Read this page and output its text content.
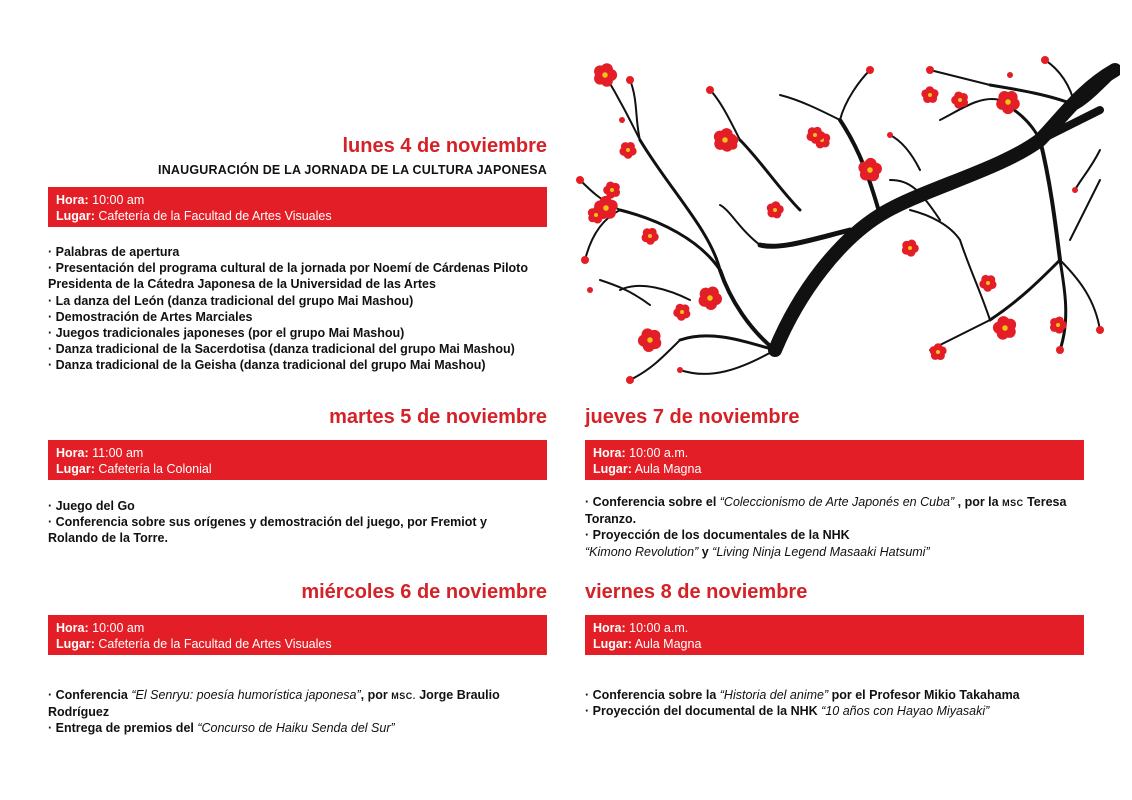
lunes 4 de noviembre
INAUGURACIÓN DE LA JORNADA DE LA CULTURA JAPONESA
Hora: 10:00 am
Lugar: Cafetería de la Facultad de Artes Visuales
· Palabras de apertura
· Presentación del programa cultural de la jornada por Noemí de Cárdenas Piloto
Presidenta de la Cátedra Japonesa de la Universidad de las Artes
· La danza del León (danza tradicional del grupo Mai Mashou)
· Demostración de Artes Marciales
· Juegos tradicionales japoneses (por el grupo Mai Mashou)
· Danza tradicional de la Sacerdotisa (danza tradicional del grupo Mai Mashou)
· Danza tradicional de la Geisha (danza tradicional del grupo Mai Mashou)
martes 5 de noviembre
Hora: 11:00 am
Lugar: Cafetería la Colonial
· Juego del Go
· Conferencia sobre sus orígenes y demostración del juego, por Fremiot y
Rolando de la Torre.
miércoles 6 de noviembre
Hora: 10:00 am
Lugar: Cafetería de la Facultad de Artes Visuales
· Conferencia “El Senryu: poesía humorística japonesa”, por MSC. Jorge Braulio
Rodríguez
· Entrega de premios del “Concurso de Haiku Senda del Sur”
jueves 7 de noviembre
Hora: 10:00 a.m.
Lugar: Aula Magna
· Conferencia sobre el “Coleccionismo de Arte Japonés en Cuba” , por la MSC Teresa
Toranzo.
· Proyección de los documentales de la NHK
“Kimono Revolution” y “Living Ninja Legend Masaaki Hatsumi”
viernes 8 de noviembre
Hora: 10:00 a.m.
Lugar: Aula Magna
· Conferencia sobre la “Historia del anime” por el Profesor Mikio Takahama
· Proyección del documental de la NHK “10 años con Hayao Miyasaki”
